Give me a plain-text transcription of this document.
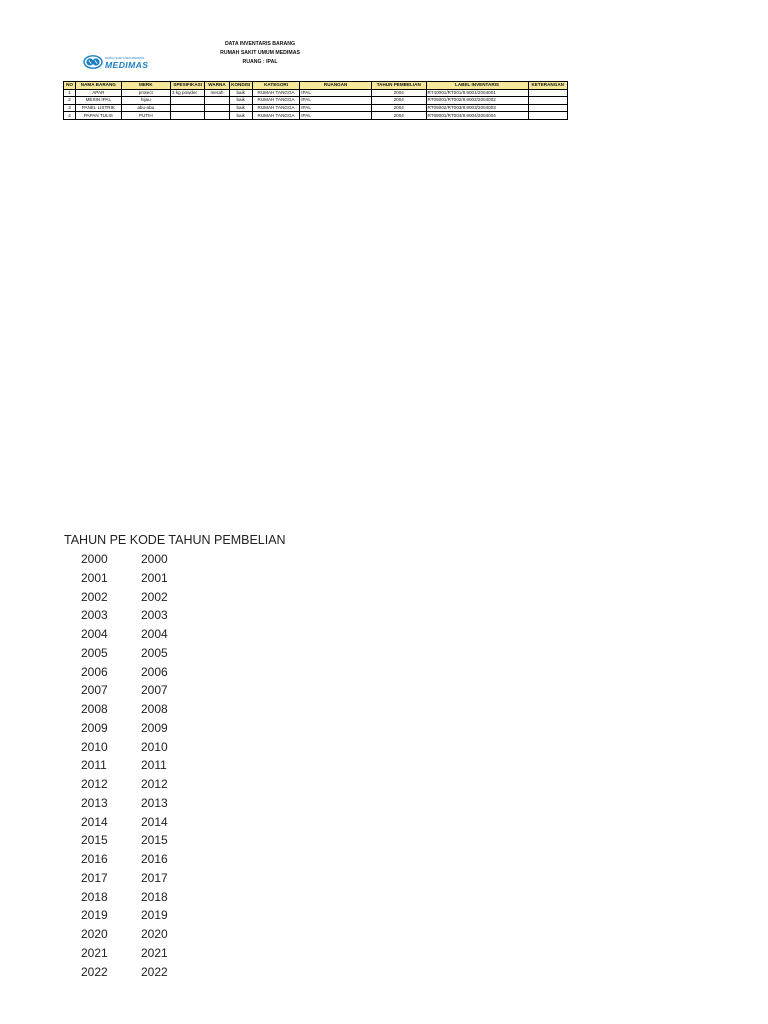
RUMAH SAKIT UMUM MEDIMAS
MEDIMAS
DATA INVENTARIS BARANG
RUMAH SAKIT UMUM MEDIMAS
RUANG : IPAL
NO	NAMA BARANG	MERK	SPESIFIKASI	WARNA	KONDISI	KATEGORI	RUANGAN	TAHUN PEMBELIAN	LABEL INVENTARIS	KETERANGAN
1	APAR	protect	3 kg powder	merah	baik	RUMAH TANGGA	IPAL	2004	RT40001/RT001/8.9001/2004001	
2	MESIN IPAL	hijau			baik	RUMAH TANGGA	IPAL	2004	RT05001/RT002/8.9002/2004002	
3	PANEL LISTRIK	abu-abu			baik	RUMAH TANGGA	IPAL	2004	RT05002/RT003/8.9003/2004003	
4	PAPAN TULIS	PUTIH			baik	RUMAH TANGGA	IPAL	2004	RT69001/RT004/8.9004/2004004	
TAHUN PE KODE TAHUN PEMBELIAN
2000	2000
2001	2001
2002	2002
2003	2003
2004	2004
2005	2005
2006	2006
2007	2007
2008	2008
2009	2009
2010	2010
2011	2011
2012	2012
2013	2013
2014	2014
2015	2015
2016	2016
2017	2017
2018	2018
2019	2019
2020	2020
2021	2021
2022	2022
